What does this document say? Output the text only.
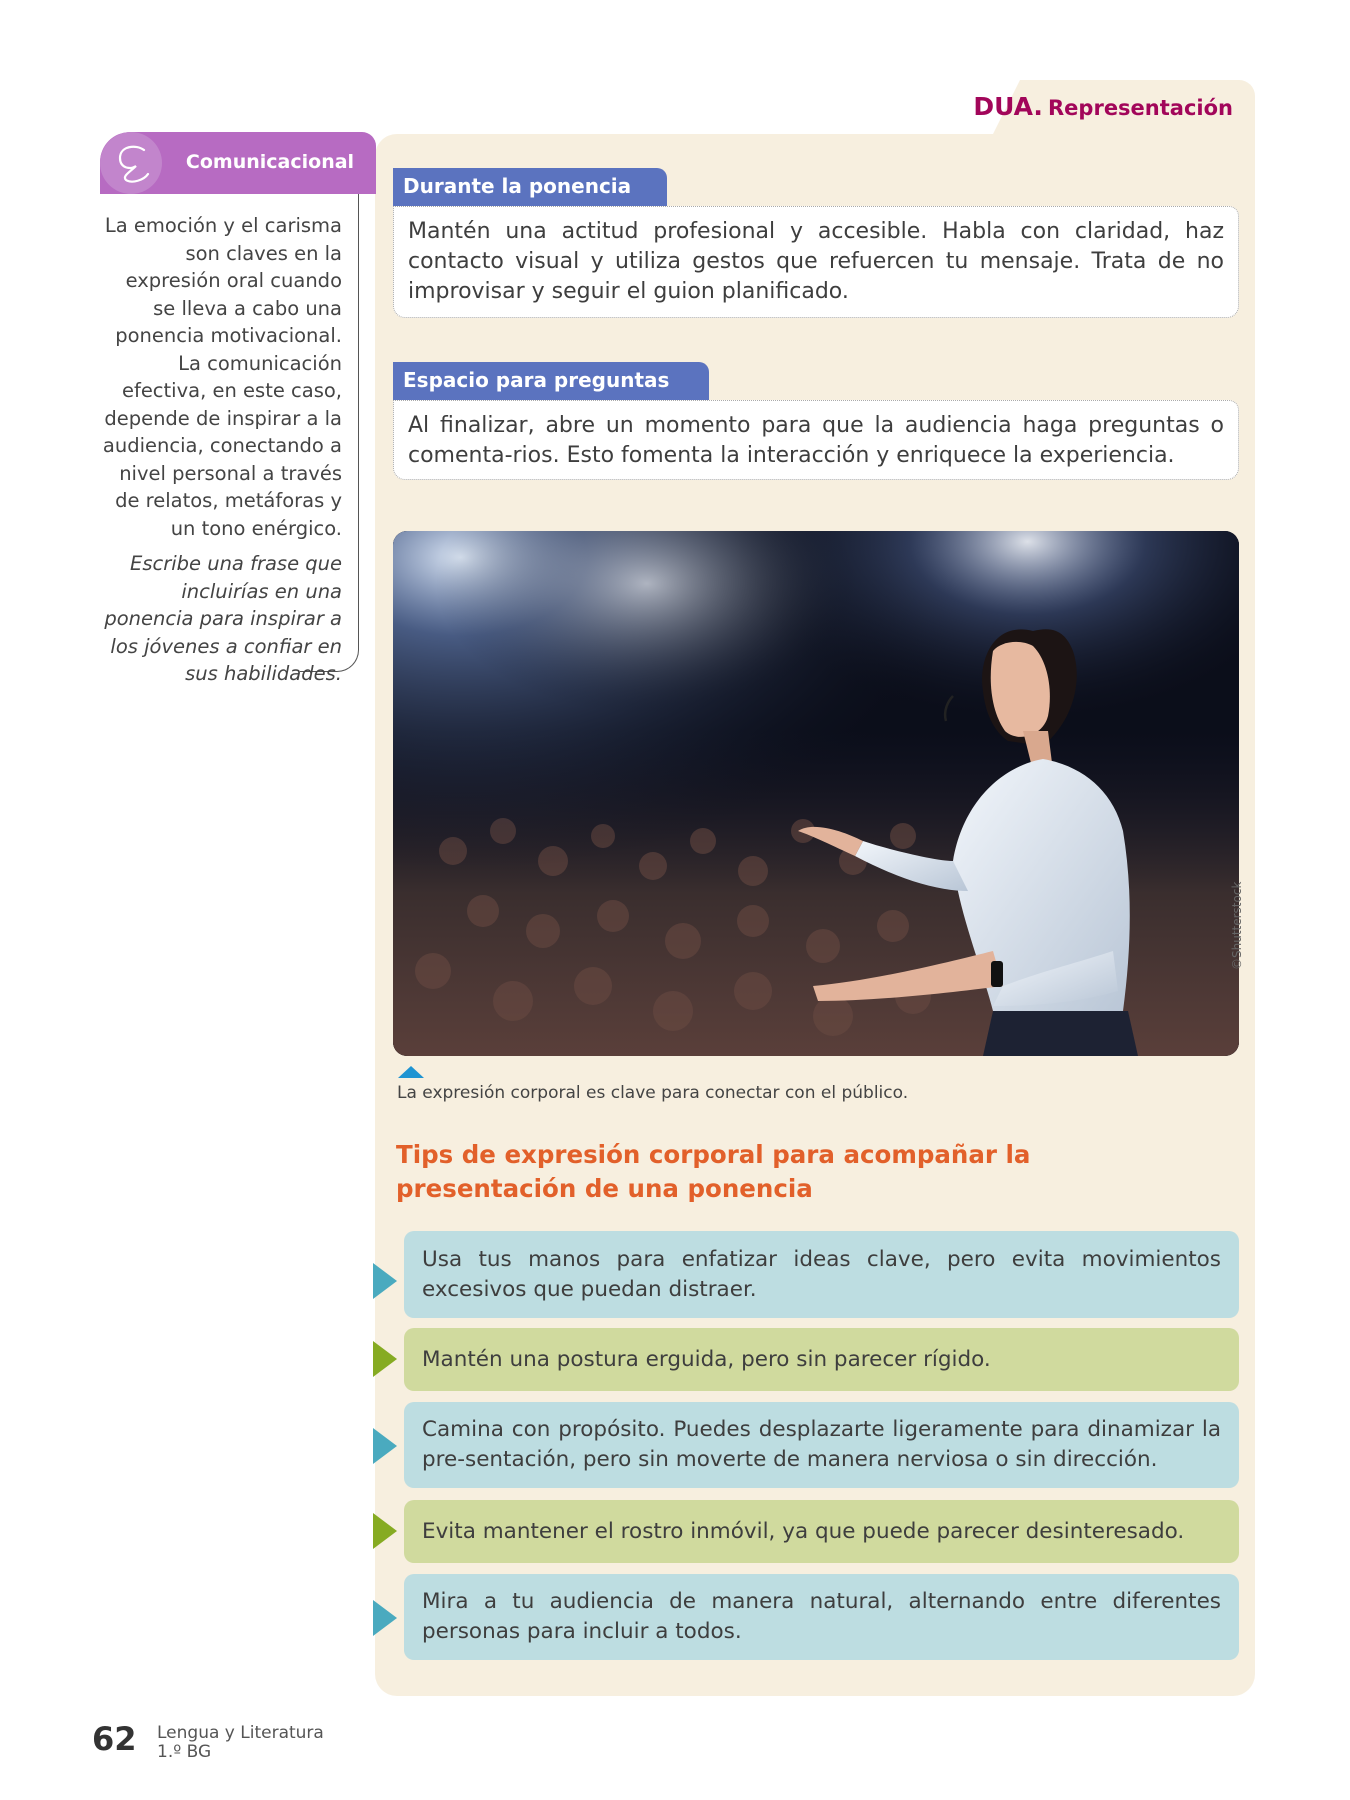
DUA. Representación
Comunicacional
La emoción y el carisma son claves en la expresión oral cuando se lleva a cabo una ponencia motivacional. La comunicación efectiva, en este caso, depende de inspirar a la audiencia, conectando a nivel personal a través de relatos, metáforas y un tono enérgico.
Escribe una frase que incluirías en una ponencia para inspirar a los jóvenes a confiar en sus habilidades.
Durante la ponencia
Mantén una actitud profesional y accesible. Habla con claridad, haz contacto visual y utiliza gestos que refuercen tu mensaje. Trata de no improvisar y seguir el guion planificado.
Espacio para preguntas
Al finalizar, abre un momento para que la audiencia haga preguntas o comenta-rios. Esto fomenta la interacción y enriquece la experiencia.
©Shutterstock
La expresión corporal es clave para conectar con el público.
Tips de expresión corporal para acompañar la presentación de una ponencia
Usa tus manos para enfatizar ideas clave, pero evita movimientos excesivos que puedan distraer.
Mantén una postura erguida, pero sin parecer rígido.
Camina con propósito. Puedes desplazarte ligeramente para dinamizar la pre-sentación, pero sin moverte de manera nerviosa o sin dirección.
Evita mantener el rostro inmóvil, ya que puede parecer desinteresado.
Mira a tu audiencia de manera natural, alternando entre diferentes personas para incluir a todos.
62 Lengua y Literatura
1.º BG
